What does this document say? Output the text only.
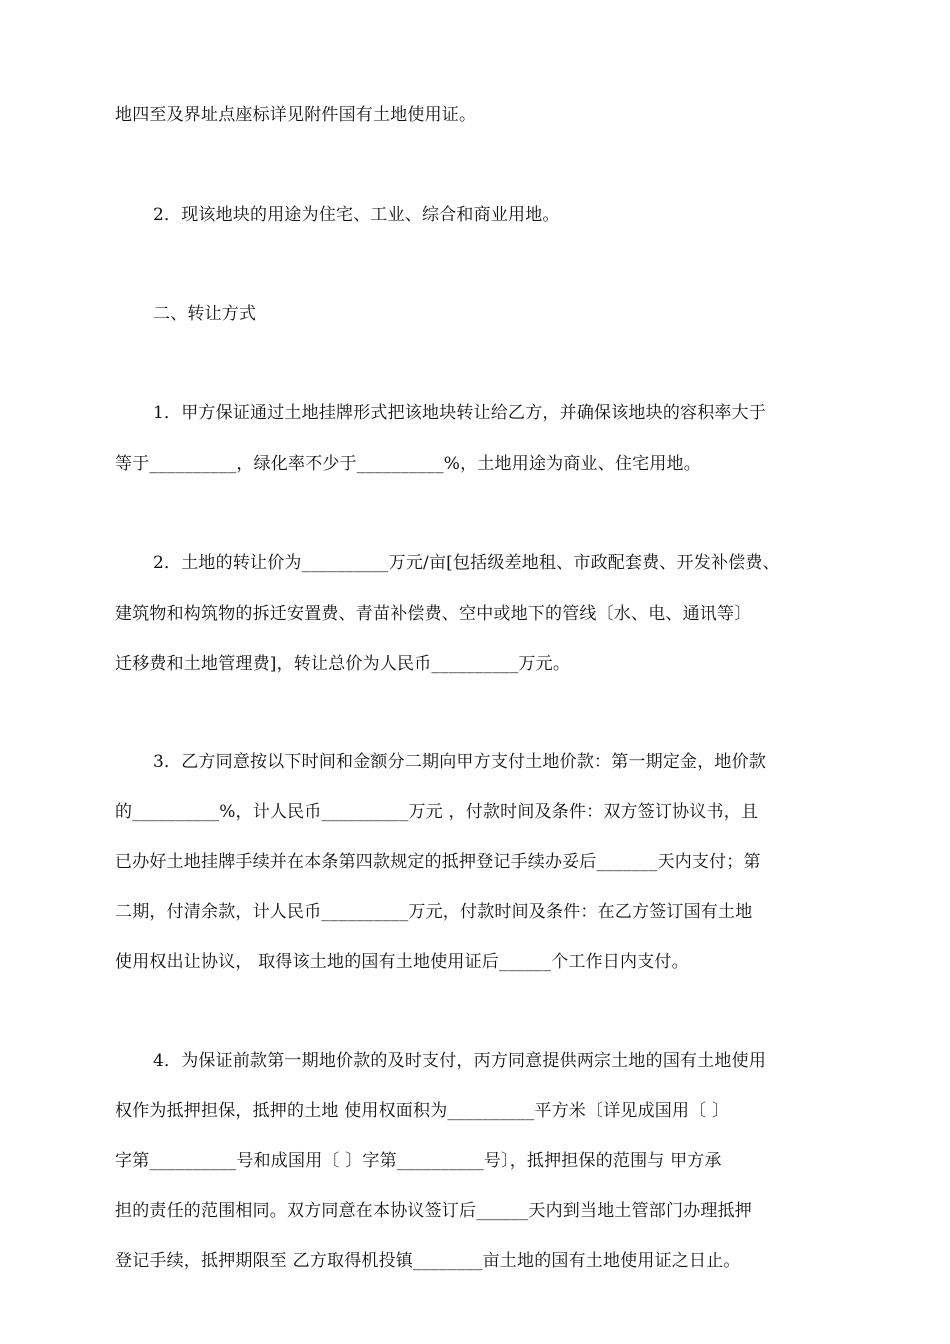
地四至及界址点座标详见附件国有土地使用证。
2．现该地块的用途为住宅、工业、综合和商业用地。
二、转让方式
1．甲方保证通过土地挂牌形式把该地块转让给乙方，并确保该地块的容积率大于
等于__________，绿化率不少于__________%，土地用途为商业、住宅用地。
2．土地的转让价为__________万元/亩[包括级差地租、市政配套费、开发补偿费、
建筑物和构筑物的拆迁安置费、青苗补偿费、空中或地下的管线〔水、电、通讯等〕
迁移费和土地管理费]，转让总价为人民币__________万元。
3．乙方同意按以下时间和金额分二期向甲方支付土地价款：第一期定金，地价款
的__________%，计人民币__________万元 ，付款时间及条件：双方签订协议书，且
已办好土地挂牌手续并在本条第四款规定的抵押登记手续办妥后_______天内支付；第
二期，付清余款，计人民币__________万元，付款时间及条件：在乙方签订国有土地
使用权出让协议， 取得该土地的国有土地使用证后______个工作日内支付。
4．为保证前款第一期地价款的及时支付，丙方同意提供两宗土地的国有土地使用
权作为抵押担保，抵押的土地 使用权面积为__________平方米〔详见成国用〔 〕
字第__________号和成国用〔 〕字第__________号〕，抵押担保的范围与 甲方承
担的责任的范围相同。双方同意在本协议签订后______天内到当地土管部门办理抵押
登记手续，抵押期限至 乙方取得机投镇________亩土地的国有土地使用证之日止。
